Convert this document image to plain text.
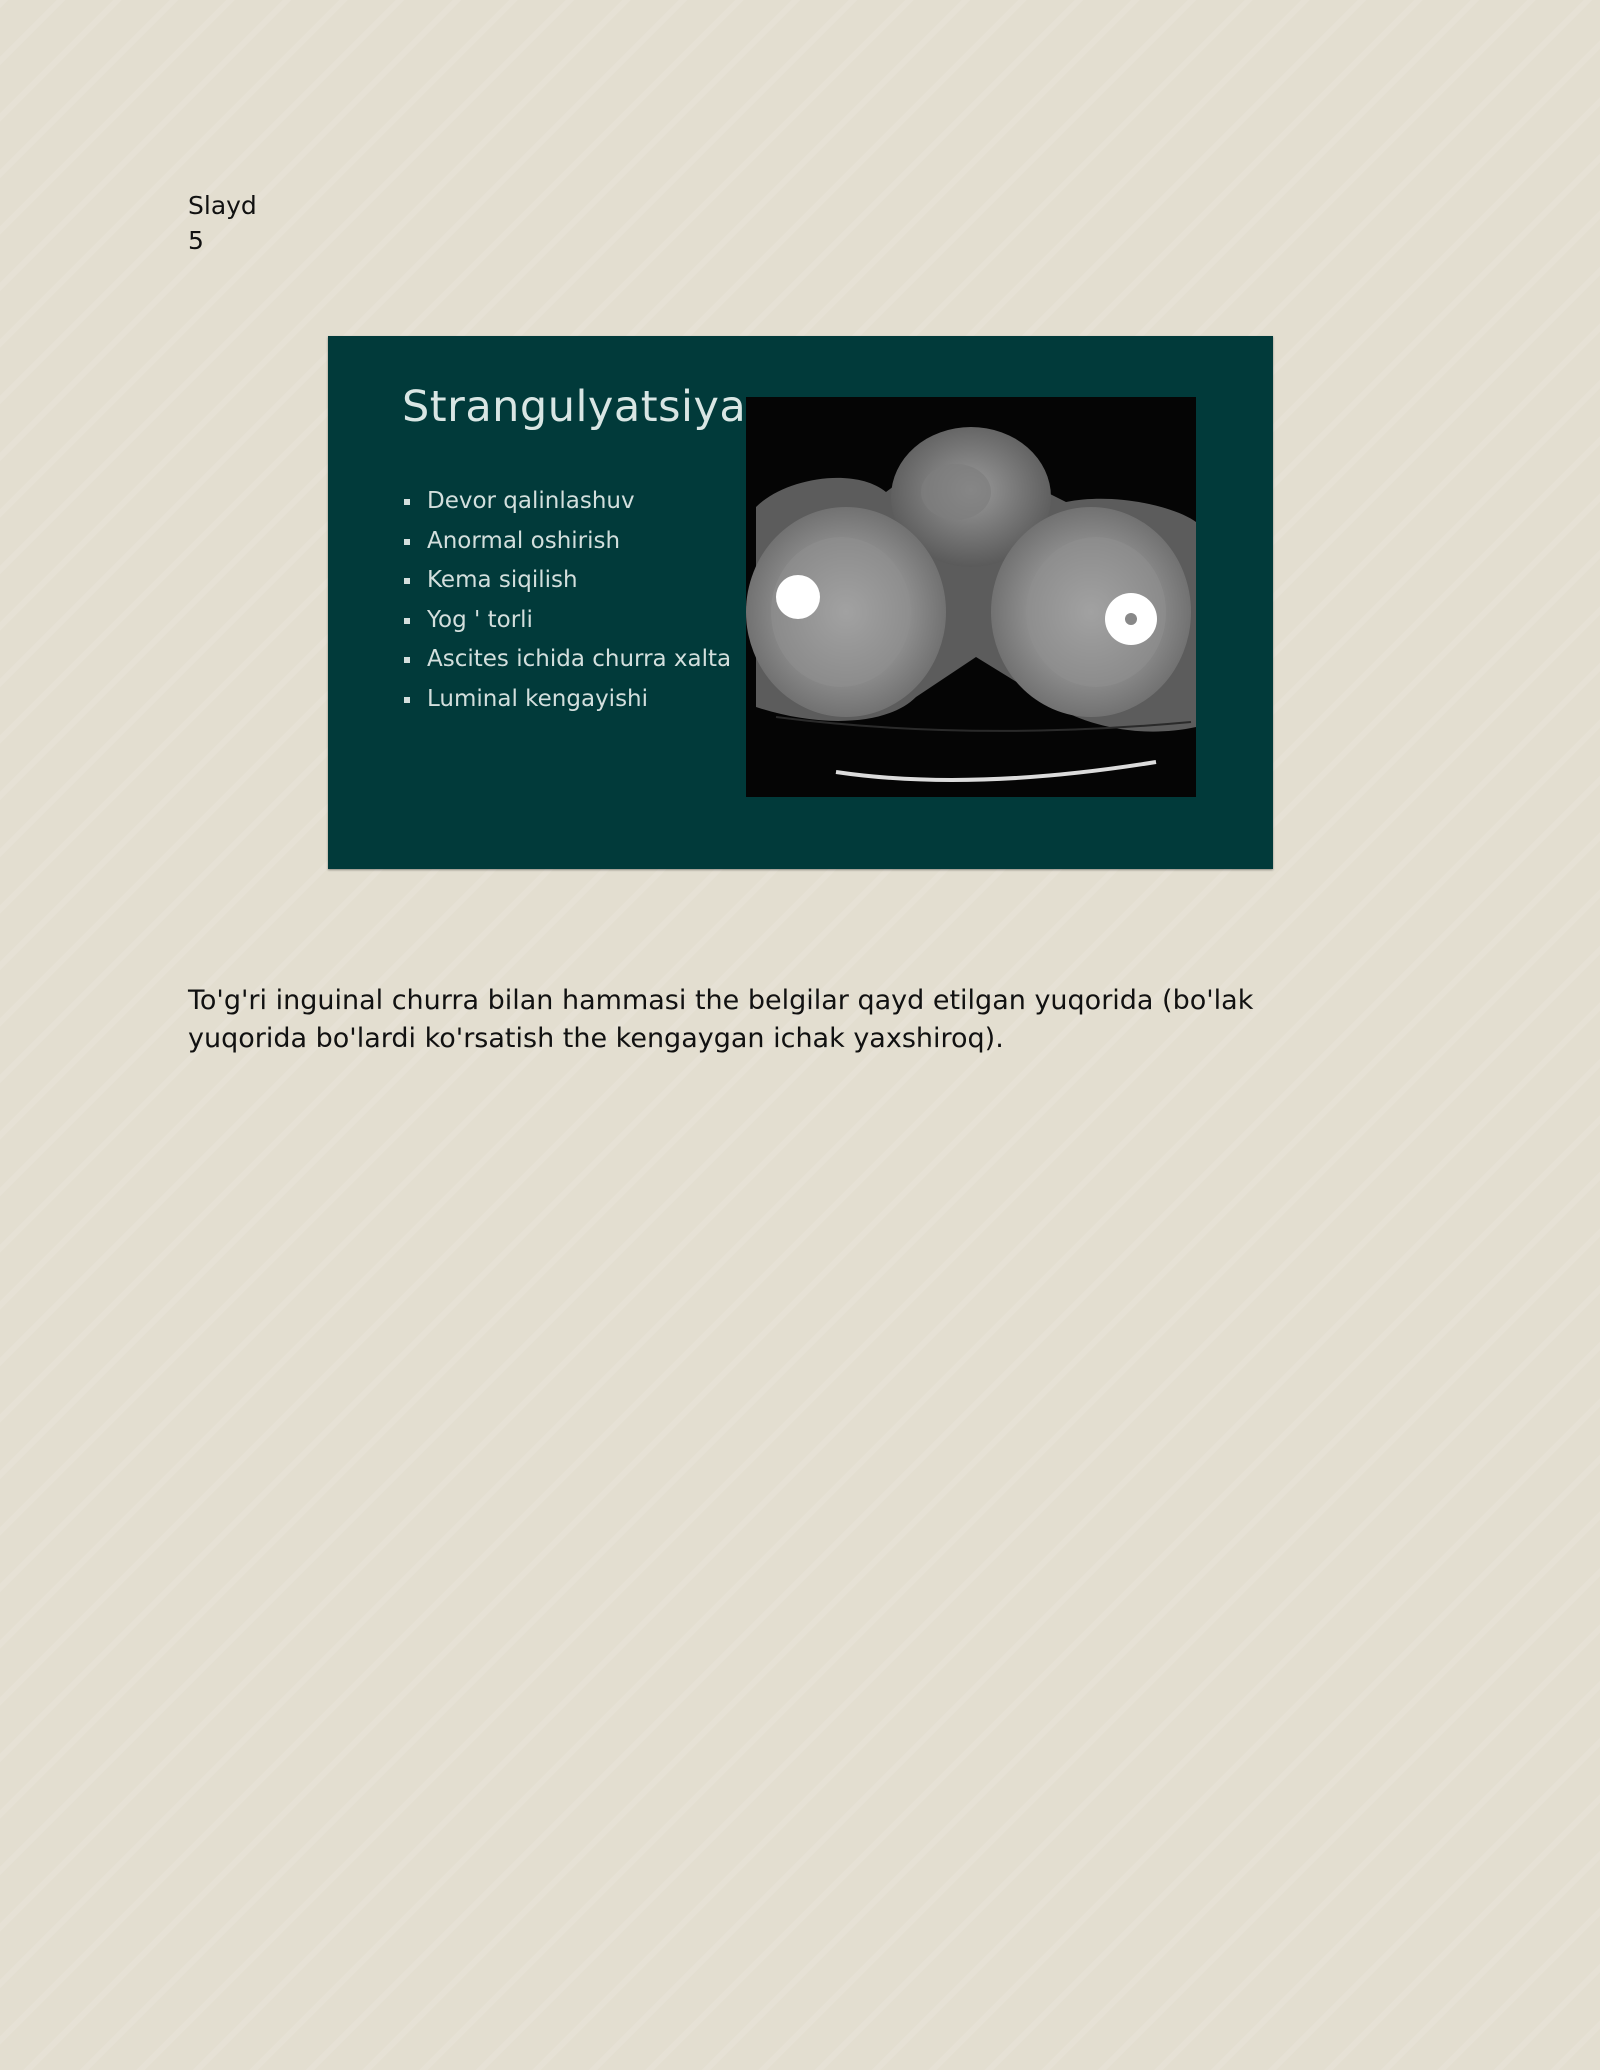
Slayd
5
Strangulyatsiya
Devor qalinlashuv
Anormal oshirish
Kema siqilish
Yog ' torli
Ascites ichida churra xalta
Luminal kengayishi
To'g'ri inguinal churra bilan hammasi the belgilar qayd etilgan yuqorida (bo'lak yuqorida bo'lardi ko'rsatish the kengaygan ichak yaxshiroq).
